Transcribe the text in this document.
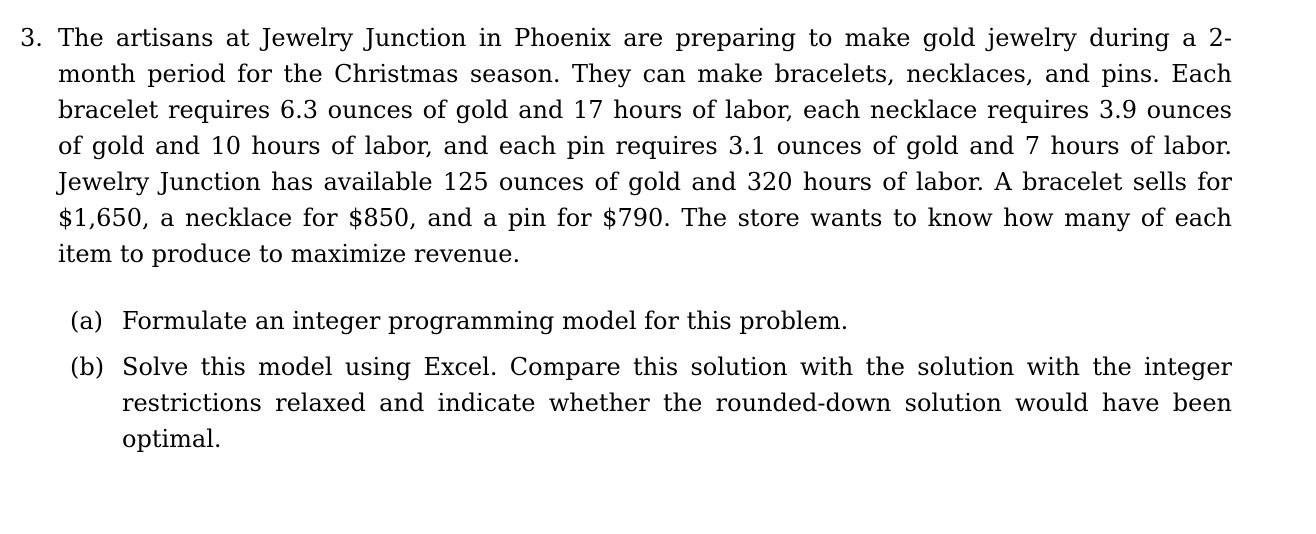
3. The artisans at Jewelry Junction in Phoenix are preparing to make gold jewelry during a 2-month period for the Christmas season. They can make bracelets, necklaces, and pins. Each bracelet requires 6.3 ounces of gold and 17 hours of labor, each necklace requires 3.9 ounces of gold and 10 hours of labor, and each pin requires 3.1 ounces of gold and 7 hours of labor. Jewelry Junction has available 125 ounces of gold and 320 hours of labor. A bracelet sells for $1,650, a necklace for $850, and a pin for $790. The store wants to know how many of each item to produce to maximize revenue.
(a) Formulate an integer programming model for this problem.
(b) Solve this model using Excel. Compare this solution with the solution with the integer restrictions relaxed and indicate whether the rounded-down solution would have been optimal.
